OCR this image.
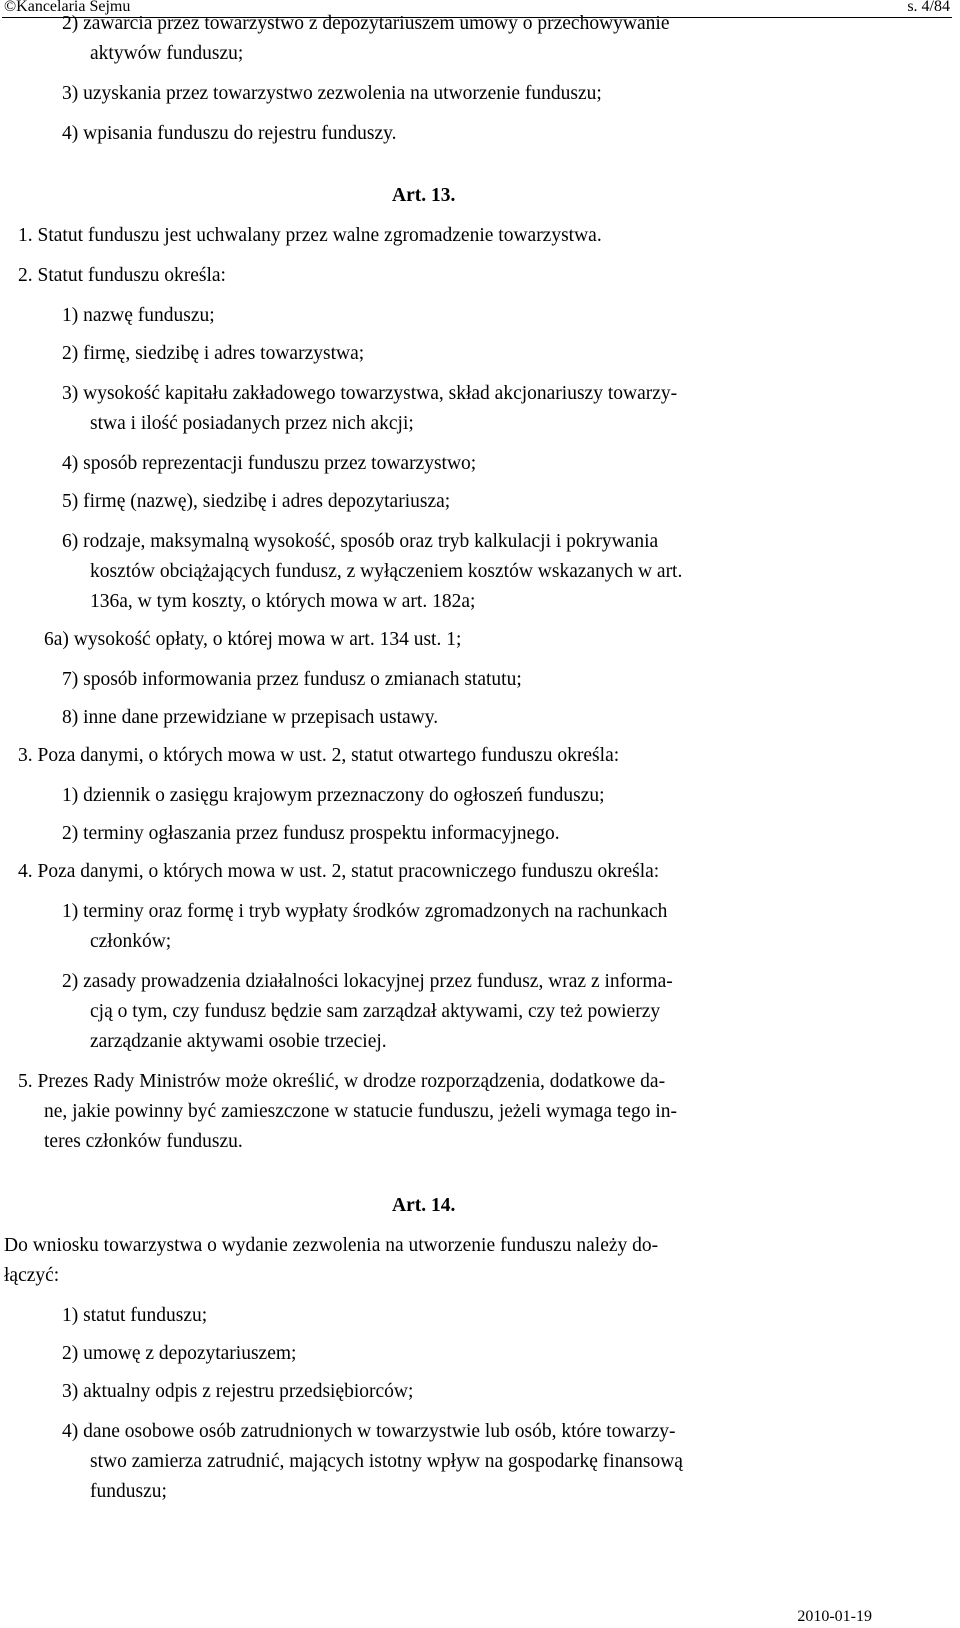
©Kancelaria Sejmu	s. 4/84
2) zawarcia przez towarzystwo z depozytariuszem umowy o przechowywanie
aktywów funduszu;
3) uzyskania przez towarzystwo zezwolenia na utworzenie funduszu;
4) wpisania funduszu do rejestru funduszy.
Art. 13.
1. Statut funduszu jest uchwalany przez walne zgromadzenie towarzystwa.
2. Statut funduszu określa:
1) nazwę funduszu;
2) firmę, siedzibę i adres towarzystwa;
3) wysokość kapitału zakładowego towarzystwa, skład akcjonariuszy towarzy-
stwa i ilość posiadanych przez nich akcji;
4) sposób reprezentacji funduszu przez towarzystwo;
5) firmę (nazwę), siedzibę i adres depozytariusza;
6) rodzaje, maksymalną wysokość, sposób oraz tryb kalkulacji i pokrywania
kosztów obciążających fundusz, z wyłączeniem kosztów wskazanych w art.
136a, w tym koszty, o których mowa w art. 182a;
6a) wysokość opłaty, o której mowa w art. 134 ust. 1;
7) sposób informowania przez fundusz o zmianach statutu;
8) inne dane przewidziane w przepisach ustawy.
3. Poza danymi, o których mowa w ust. 2, statut otwartego funduszu określa:
1) dziennik o zasięgu krajowym przeznaczony do ogłoszeń funduszu;
2) terminy ogłaszania przez fundusz prospektu informacyjnego.
4. Poza danymi, o których mowa w ust. 2, statut pracowniczego funduszu określa:
1) terminy oraz formę i tryb wypłaty środków zgromadzonych na rachunkach
członków;
2) zasady prowadzenia działalności lokacyjnej przez fundusz, wraz z informa-
cją o tym, czy fundusz będzie sam zarządzał aktywami, czy też powierzy
zarządzanie aktywami osobie trzeciej.
5. Prezes Rady Ministrów może określić, w drodze rozporządzenia, dodatkowe da-
ne, jakie powinny być zamieszczone w statucie funduszu, jeżeli wymaga tego in-
teres członków funduszu.
Art. 14.
Do wniosku towarzystwa o wydanie zezwolenia na utworzenie funduszu należy do-
łączyć:
1) statut funduszu;
2) umowę z depozytariuszem;
3) aktualny odpis z rejestru przedsiębiorców;
4) dane osobowe osób zatrudnionych w towarzystwie lub osób, które towarzy-
stwo zamierza zatrudnić, mających istotny wpływ na gospodarkę finansową
funduszu;
2010-01-19
